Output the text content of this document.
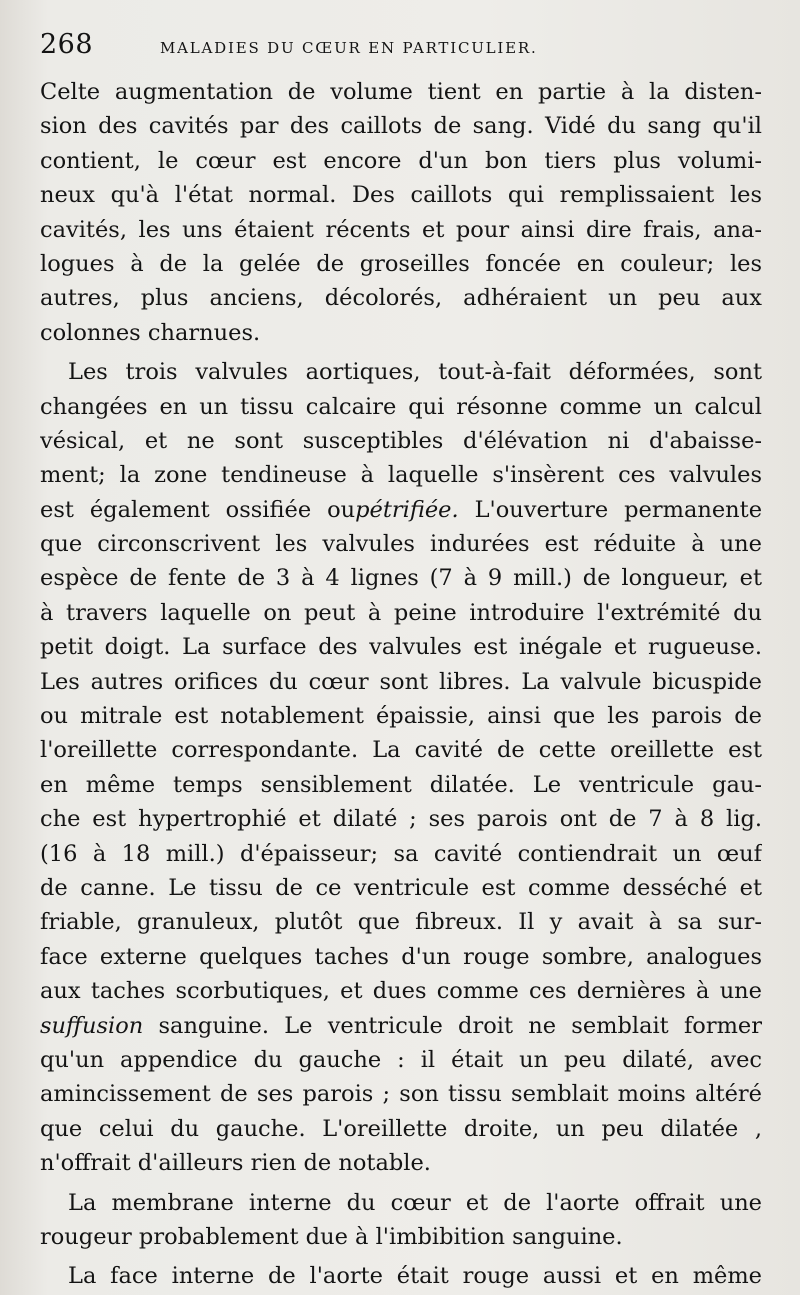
268	MALADIES DU CŒUR EN PARTICULIER.
Celte augmentation de volume tient en partie à la disten-
sion des cavités par des caillots de sang. Vidé du sang qu'il
contient, le cœur est encore d'un bon tiers plus volumi-
neux qu'à l'état normal. Des caillots qui remplissaient les
cavités, les uns étaient récents et pour ainsi dire frais, ana-
logues à de la gelée de groseilles foncée en couleur; les
autres, plus anciens, décolorés, adhéraient un peu aux
colonnes charnues.
Les trois valvules aortiques, tout-à-fait déformées, sont
changées en un tissu calcaire qui résonne comme un calcul
vésical, et ne sont susceptibles d'élévation ni d'abaisse-
ment; la zone tendineuse à laquelle s'insèrent ces valvules
est également ossifiée oupétrifiée. L'ouverture permanente
que circonscrivent les valvules indurées est réduite à une
espèce de fente de 3 à 4 lignes (7 à 9 mill.) de longueur, et
à travers laquelle on peut à peine introduire l'extrémité du
petit doigt. La surface des valvules est inégale et rugueuse.
Les autres orifices du cœur sont libres. La valvule bicuspide
ou mitrale est notablement épaissie, ainsi que les parois de
l'oreillette correspondante. La cavité de cette oreillette est
en même temps sensiblement dilatée. Le ventricule gau-
che est hypertrophié et dilaté ; ses parois ont de 7 à 8 lig.
(16 à 18 mill.) d'épaisseur; sa cavité contiendrait un œuf
de canne. Le tissu de ce ventricule est comme desséché et
friable, granuleux, plutôt que fibreux. Il y avait à sa sur-
face externe quelques taches d'un rouge sombre, analogues
aux taches scorbutiques, et dues comme ces dernières à une
suffusion sanguine. Le ventricule droit ne semblait former
qu'un appendice du gauche : il était un peu dilaté, avec
amincissement de ses parois ; son tissu semblait moins altéré
que celui du gauche. L'oreillette droite, un peu dilatée ,
n'offrait d'ailleurs rien de notable.
La membrane interne du cœur et de l'aorte offrait une
rougeur probablement due à l'imbibition sanguine.
La face interne de l'aorte était rouge aussi et en même
